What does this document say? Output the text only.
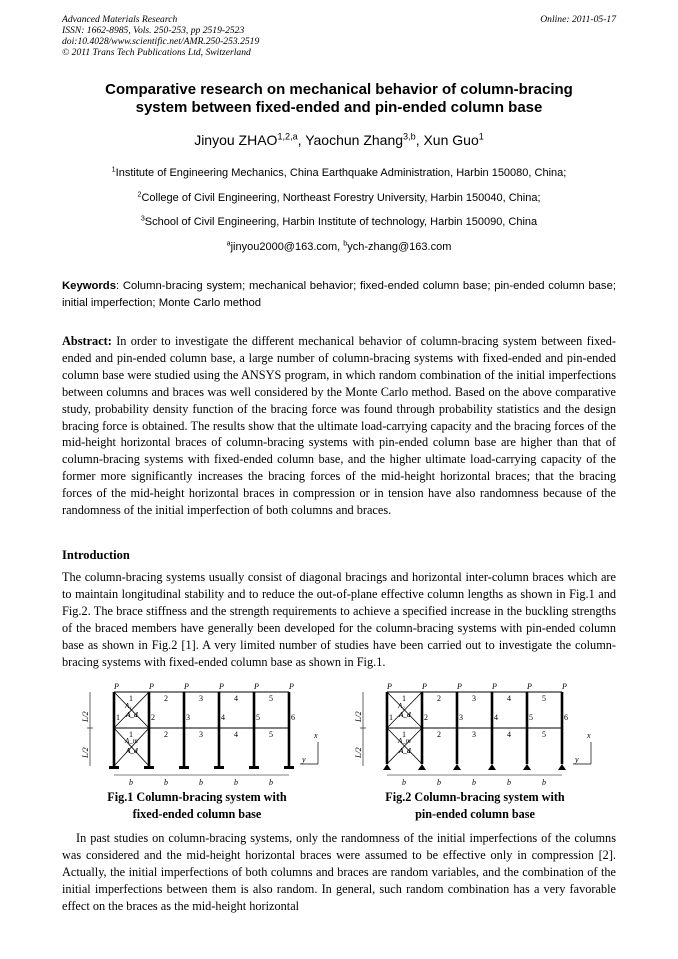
Advanced Materials Research
ISSN: 1662-8985, Vols. 250-253, pp 2519-2523
doi:10.4028/www.scientific.net/AMR.250-253.2519
© 2011 Trans Tech Publications Ltd, Switzerland
Online: 2011-05-17
Comparative research on mechanical behavior of column-bracing
system between fixed-ended and pin-ended column base
Jinyou ZHAO$^{1,2,a}$, Yaochun Zhang$^{3,b}$, Xun Guo$^1$
$^1$Institute of Engineering Mechanics, China Earthquake Administration, Harbin 150080, China;
$^2$College of Civil Engineering, Northeast Forestry University, Harbin 150040, China;
$^3$School of Civil Engineering, Harbin Institute of technology, Harbin 150090, China
$^a$jinyou2000@163.com, $^b$ych-zhang@163.com
Keywords: Column-bracing system; mechanical behavior; fixed-ended column base; pin-ended column base; initial imperfection; Monte Carlo method
Abstract: In order to investigate the different mechanical behavior of column-bracing system between fixed-ended and pin-ended column base, a large number of column-bracing systems with fixed-ended and pin-ended column base were studied using the ANSYS program, in which random combination of the initial imperfections between columns and braces was well considered by the Monte Carlo method. Based on the above comparative study, probability density function of the bracing force was found through probability statistics and the design bracing force is obtained. The results show that the ultimate load-carrying capacity and the bracing forces of the mid-height horizontal braces of column-bracing systems with pin-ended column base are higher than that of column-bracing systems with fixed-ended column base, and the higher ultimate load-carrying capacity of the former more significantly increases the bracing forces of the mid-height horizontal braces; that the bracing forces of the mid-height horizontal braces in compression or in tension have also randomness because of the randomness of the initial imperfection of both columns and braces.
Introduction
The column-bracing systems usually consist of diagonal bracings and horizontal inter-column braces which are to maintain longitudinal stability and to reduce the out-of-plane effective column lengths as shown in Fig.1 and Fig.2. The brace stiffness and the strength requirements to achieve a specified increase in the buckling strengths of the braced members have generally been developed for the column-bracing systems with pin-ended column base as shown in Fig.2 [1]. A very limited number of studies have been carried out to investigate the column-bracing systems with fixed-ended column base as shown in Fig.1.
P	P	P	P	P	P
b	b	b	b	b
x
y
A₁
A_d
A_m
A_d
L/2
L/2
1	2	3	4	5
1	2	3	4	5	6
1	2	3	4	5
P	P	P	P	P	P
b	b	b	b	b
x
y
A₂
A_d
A_m
A_d
L/2
L/2
1	2	3	4	5
1	2	3	4	5	6
1	2	3	4	5
Fig.1 Column-bracing system with
fixed-ended column base
Fig.2 Column-bracing system with
pin-ended column base
In past studies on column-bracing systems, only the randomness of the initial imperfections of the columns was considered and the mid-height horizontal braces were assumed to be effective only in compression [2]. Actually, the initial imperfections of both columns and braces are random variables, and the combination of the initial imperfections between them is also random. In general, such random combination has a very favorable effect on the braces as the mid-height horizontal
